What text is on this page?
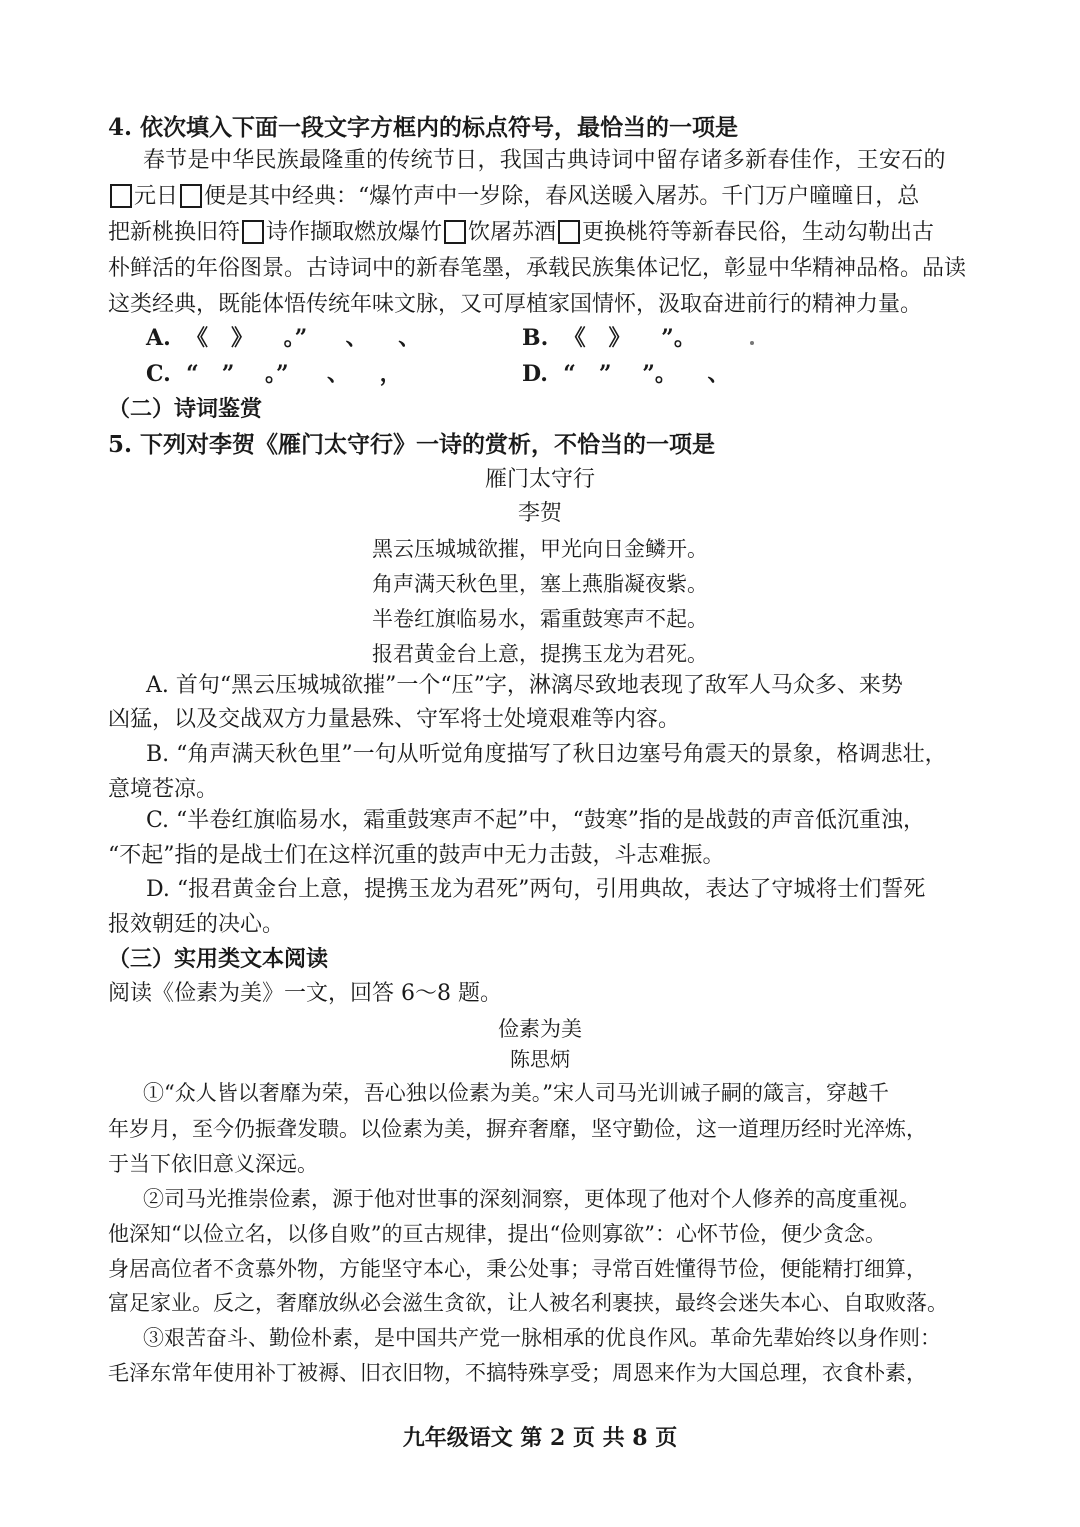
4. 依次填入下面一段文字方框内的标点符号，最恰当的一项是
春节是中华民族最隆重的传统节日，我国古典诗词中留存诸多新春佳作，王安石的
元日 便是其中经典：“爆竹声中一岁除，春风送暖入屠苏。千门万户曈曈日，总
把新桃换旧符 诗作撷取燃放爆竹 饮屠苏酒 更换桃符等新春民俗，生动勾勒出古
朴鲜活的年俗图景。古诗词中的新春笔墨，承载民族集体记忆，彰显中华精神品格。品读
这类经典，既能体悟传统年味文脉，又可厚植家国情怀，汲取奋进前行的精神力量。
A.  《   》    。”     、    、	B.  《   》    ”。
C.  “   ”    。”     、    ，	D.  “   ”    ”。    、
（二）诗词鉴赏
5. 下列对李贺《雁门太守行》一诗的赏析，不恰当的一项是
雁门太守行
李贺
黑云压城城欲摧，甲光向日金鳞开。
角声满天秋色里，塞上燕脂凝夜紫。
半卷红旗临易水，霜重鼓寒声不起。
报君黄金台上意，提携玉龙为君死。
A. 首句“黑云压城城欲摧”一个“压”字，淋漓尽致地表现了敌军人马众多、来势
凶猛，以及交战双方力量悬殊、守军将士处境艰难等内容。
B. “角声满天秋色里”一句从听觉角度描写了秋日边塞号角震天的景象，格调悲壮，
意境苍凉。
C. “半卷红旗临易水，霜重鼓寒声不起”中，“鼓寒”指的是战鼓的声音低沉重浊，
“不起”指的是战士们在这样沉重的鼓声中无力击鼓，斗志难振。
D. “报君黄金台上意，提携玉龙为君死”两句，引用典故，表达了守城将士们誓死
报效朝廷的决心。
（三）实用类文本阅读
阅读《俭素为美》一文，回答 6～8 题。
俭素为美
陈思炳
①“众人皆以奢靡为荣，吾心独以俭素为美。”宋人司马光训诫子嗣的箴言，穿越千
年岁月，至今仍振聋发聩。以俭素为美，摒弃奢靡，坚守勤俭，这一道理历经时光淬炼，
于当下依旧意义深远。
②司马光推崇俭素，源于他对世事的深刻洞察，更体现了他对个人修养的高度重视。
他深知“以俭立名，以侈自败”的亘古规律，提出“俭则寡欲”：心怀节俭，便少贪念。
身居高位者不贪慕外物，方能坚守本心，秉公处事；寻常百姓懂得节俭，便能精打细算，
富足家业。反之，奢靡放纵必会滋生贪欲，让人被名利裹挟，最终会迷失本心、自取败落。
③艰苦奋斗、勤俭朴素，是中国共产党一脉相承的优良作风。革命先辈始终以身作则：
毛泽东常年使用补丁被褥、旧衣旧物，不搞特殊享受；周恩来作为大国总理，衣食朴素，
九年级语文 第 2 页 共 8 页
